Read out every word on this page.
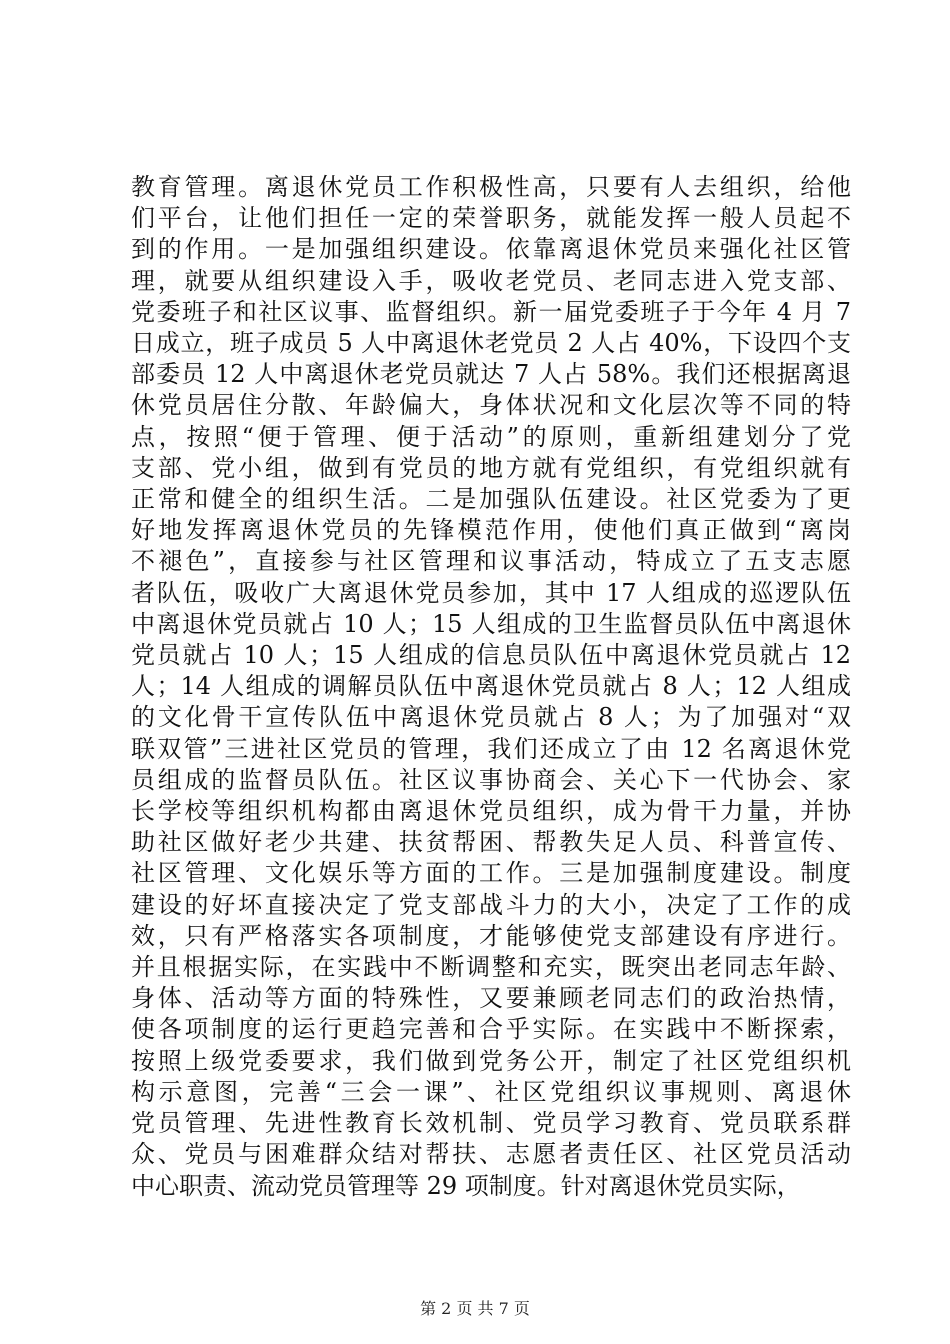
教育管理。离退休党员工作积极性高，只要有人去组织，给他
们平台，让他们担任一定的荣誉职务，就能发挥一般人员起不
到的作用。一是加强组织建设。依靠离退休党员来强化社区管
理，就要从组织建设入手，吸收老党员、老同志进入党支部、
党委班子和社区议事、监督组织。新一届党委班子于今年 4 月 7
日成立，班子成员 5 人中离退休老党员 2 人占 40%，下设四个支
部委员 12 人中离退休老党员就达 7 人占 58%。我们还根据离退
休党员居住分散、年龄偏大，身体状况和文化层次等不同的特
点，按照“便于管理、便于活动”的原则，重新组建划分了党
支部、党小组，做到有党员的地方就有党组织，有党组织就有
正常和健全的组织生活。二是加强队伍建设。社区党委为了更
好地发挥离退休党员的先锋模范作用，使他们真正做到“离岗
不褪色”，直接参与社区管理和议事活动，特成立了五支志愿
者队伍，吸收广大离退休党员参加，其中 17 人组成的巡逻队伍
中离退休党员就占 10 人；15 人组成的卫生监督员队伍中离退休
党员就占 10 人；15 人组成的信息员队伍中离退休党员就占 12
人；14 人组成的调解员队伍中离退休党员就占 8 人；12 人组成
的文化骨干宣传队伍中离退休党员就占 8 人；为了加强对“双
联双管”三进社区党员的管理，我们还成立了由 12 名离退休党
员组成的监督员队伍。社区议事协商会、关心下一代协会、家
长学校等组织机构都由离退休党员组织，成为骨干力量，并协
助社区做好老少共建、扶贫帮困、帮教失足人员、科普宣传、
社区管理、文化娱乐等方面的工作。三是加强制度建设。制度
建设的好坏直接决定了党支部战斗力的大小，决定了工作的成
效，只有严格落实各项制度，才能够使党支部建设有序进行。
并且根据实际，在实践中不断调整和充实，既突出老同志年龄、
身体、活动等方面的特殊性，又要兼顾老同志们的政治热情，
使各项制度的运行更趋完善和合乎实际。在实践中不断探索，
按照上级党委要求，我们做到党务公开，制定了社区党组织机
构示意图，完善“三会一课”、社区党组织议事规则、离退休
党员管理、先进性教育长效机制、党员学习教育、党员联系群
众、党员与困难群众结对帮扶、志愿者责任区、社区党员活动
中心职责、流动党员管理等 29 项制度。针对离退休党员实际，
第 2 页 共 7 页
